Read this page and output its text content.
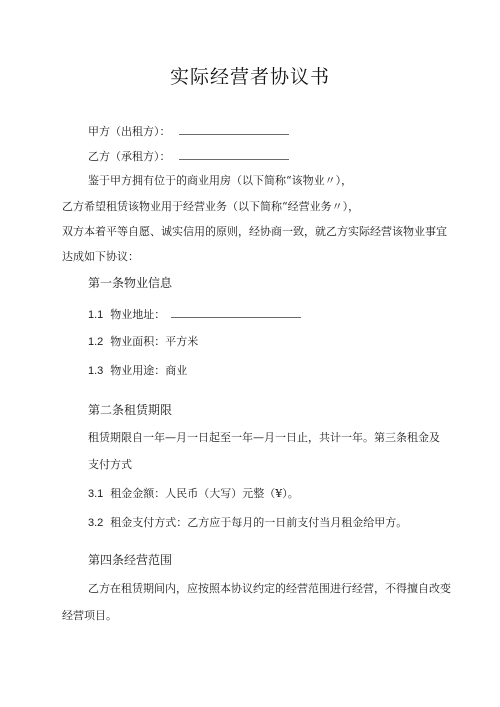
实际经营者协议书
甲方（出租方）：
乙方（承租方）：
鉴于甲方拥有位于的商业用房（以下简称“该物业〃），
乙方希望租赁该物业用于经营业务（以下简称“经营业务〃），
双方本着平等自愿、诚实信用的原则，经协商一致，就乙方实际经营该物业事宜
达成如下协议：
第一条物业信息
1.1 物业地址：
1.2 物业面积：平方米
1.3 物业用途：商业
第二条租赁期限
租赁期限自一年—月一日起至一年—月一日止，共计一年。第三条租金及
支付方式
3.1 租金金额：人民币（大写）元整（¥）。
3.2 租金支付方式：乙方应于每月的一日前支付当月租金给甲方。
第四条经营范围
乙方在租赁期间内，应按照本协议约定的经营范围进行经营，不得擅自改变
经营项目。
